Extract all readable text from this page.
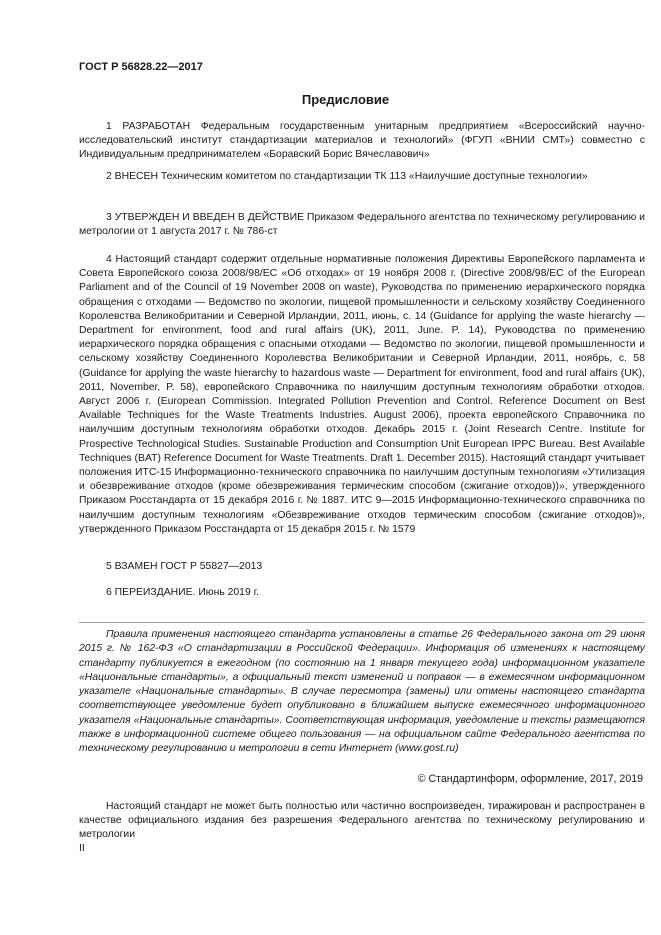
ГОСТ Р 56828.22—2017
Предисловие

1 РАЗРАБОТАН Федеральным государственным унитарным предприятием «Всероссийский научно-исследовательский институт стандартизации материалов и технологий» (ФГУП «ВНИИ СМТ») совместно с Индивидуальным предпринимателем «Боравский Борис Вячеславович»

2 ВНЕСЕН Техническим комитетом по стандартизации ТК 113 «Наилучшие доступные технологии»

3 УТВЕРЖДЕН И ВВЕДЕН В ДЕЙСТВИЕ Приказом Федерального агентства по техническому регулированию и метрологии от 1 августа 2017 г. № 786-ст

4 Настоящий стандарт содержит отдельные нормативные положения Директивы Европейского парламента и Совета Европейского союза 2008/98/ЕС «Об отходах» от 19 ноября 2008 г. (Directive 2008/98/ЕС of the European Parliament and of the Council of 19 November 2008 on waste), Руководства по применению иерархического порядка обращения с отходами — Ведомство по экологии, пищевой промышленности и сельскому хозяйству Соединенного Королевства Великобритании и Северной Ирландии, 2011, июнь, с. 14 (Guidance for applying the waste hierarchy — Department for environment, food and rural affairs (UK), 2011, June. P. 14), Руководства по применению иерархического порядка обращения с опасными отходами — Ведомство по экологии, пищевой промышленности и сельскому хозяйству Соединенного Королевства Великобритании и Северной Ирландии, 2011, ноябрь, с. 58 (Guidance for applying the waste hierarchy to hazardous waste — Department for environment, food and rural affairs (UK), 2011, November, P. 58), европейского Справочника по наилучшим доступным технологиям обработки отходов. Август 2006 г. (European Commission. Integrated Pollution Prevention and Control. Reference Document on Best Available Techniques for the Waste Treatments Industries. August 2006), проекта европейского Справочника по наилучшим доступным технологиям обработки отходов. Декабрь 2015 г. (Joint Research Centre. Institute for Prospective Technological Studies. Sustainable Production and Consumption Unit European IPPC Bureau. Best Available Techniques (BAT) Reference Document for Waste Treatments. Draft 1. December 2015). Настоящий стандарт учитывает положения ИТС-15 Информационно-технического справочника по наилучшим доступным технологиям «Утилизация и обезвреживание отходов (кроме обезвреживания термическим способом (сжигание отходов))», утвержденного Приказом Росстандарта от 15 декабря 2016 г. № 1887. ИТС 9—2015 Информационно-технического справочника по наилучшим доступным технологиям «Обезвреживание отходов термическим способом (сжигание отходов)», утвержденного Приказом Росстандарта от 15 декабря 2015 г. № 1579

5 ВЗАМЕН ГОСТ Р 55827—2013

6 ПЕРЕИЗДАНИЕ. Июнь 2019 г.

Правила применения настоящего стандарта установлены в статье 26 Федерального закона от 29 июня 2015 г. № 162-ФЗ «О стандартизации в Российской Федерации». Информация об изменениях к настоящему стандарту публикуется в ежегодном (по состоянию на 1 января текущего года) информационном указателе «Национальные стандарты», а официальный текст изменений и поправок — в ежемесячном информационном указателе «Национальные стандарты». В случае пересмотра (замены) или отмены настоящего стандарта соответствующее уведомление будет опубликовано в ближайшем выпуске ежемесячного информационного указателя «Национальные стандарты». Соответствующая информация, уведомление и тексты размещаются также в информационной системе общего пользования — на официальном сайте Федерального агентства по техническому регулированию и метрологии в сети Интернет (www.gost.ru)

© Стандартинформ, оформление, 2017, 2019

Настоящий стандарт не может быть полностью или частично воспроизведен, тиражирован и распространен в качестве официального издания без разрешения Федерального агентства по техническому регулированию и метрологии

II
